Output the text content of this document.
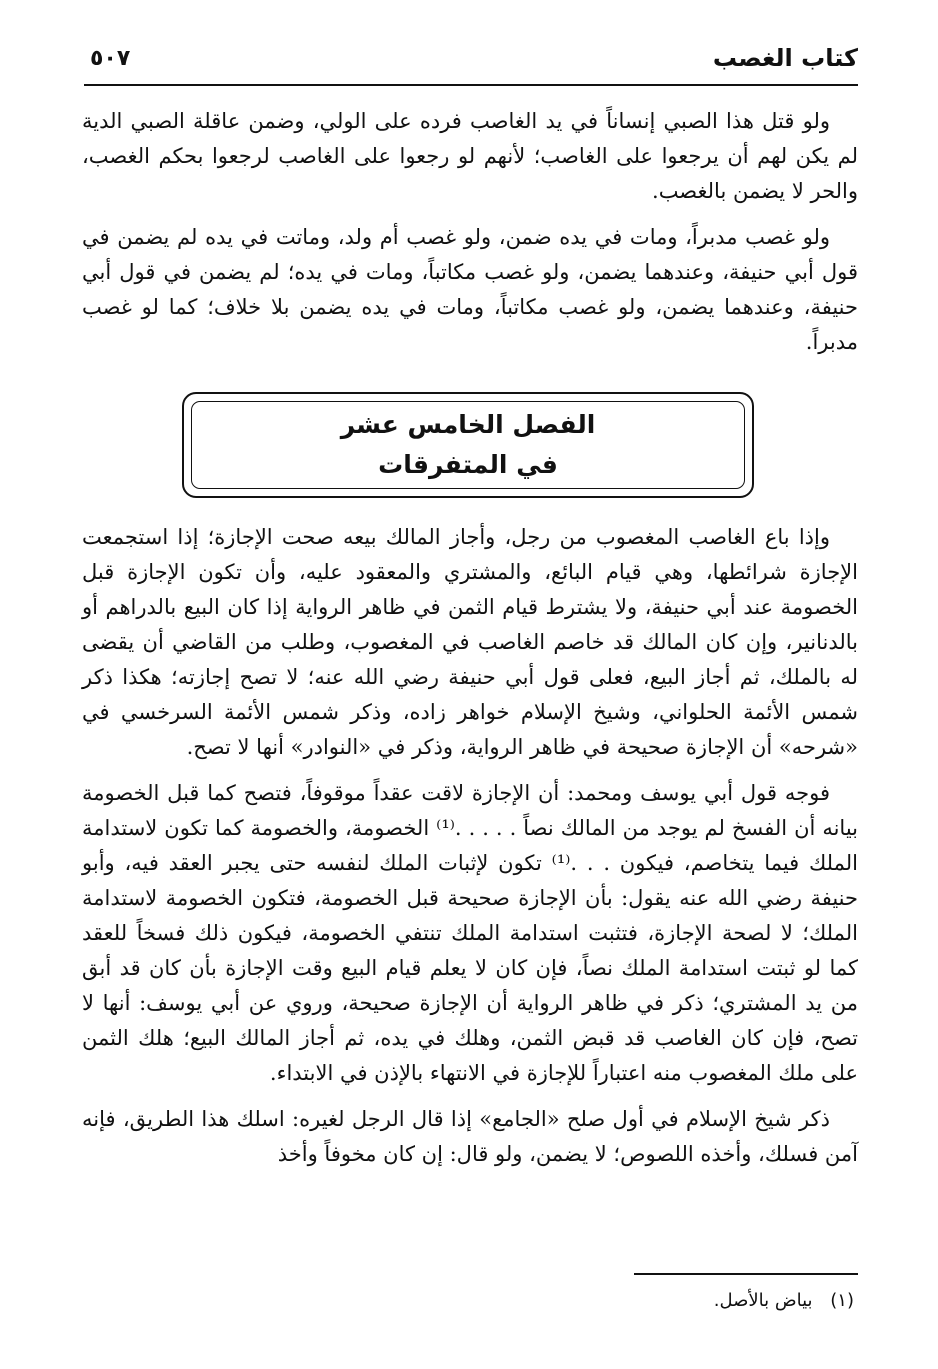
كتاب الغصب
٥٠٧

ولو قتل هذا الصبي إنساناً في يد الغاصب فرده على الولي، وضمن عاقلة الصبي الدية لم يكن لهم أن يرجعوا على الغاصب؛ لأنهم لو رجعوا على الغاصب لرجعوا بحكم الغصب، والحر لا يضمن بالغصب.

ولو غصب مدبراً، ومات في يده ضمن، ولو غصب أم ولد، وماتت في يده لم يضمن في قول أبي حنيفة، وعندهما يضمن، ولو غصب مكاتباً، ومات في يده؛ لم يضمن في قول أبي حنيفة، وعندهما يضمن، ولو غصب مكاتباً، ومات في يده يضمن بلا خلاف؛ كما لو غصب مدبراً.

الفصل الخامس عشر
في المتفرقات

وإذا باع الغاصب المغصوب من رجل، وأجاز المالك بيعه صحت الإجازة؛ إذا استجمعت الإجازة شرائطها، وهي قيام البائع، والمشتري والمعقود عليه، وأن تكون الإجازة قبل الخصومة عند أبي حنيفة، ولا يشترط قيام الثمن في ظاهر الرواية إذا كان البيع بالدراهم أو بالدنانير، وإن كان المالك قد خاصم الغاصب في المغصوب، وطلب من القاضي أن يقضى له بالملك، ثم أجاز البيع، فعلى قول أبي حنيفة رضي الله عنه؛ لا تصح إجازته؛ هكذا ذكر شمس الأئمة الحلواني، وشيخ الإسلام خواهر زاده، وذكر شمس الأئمة السرخسي في «شرحه» أن الإجازة صحيحة في ظاهر الرواية، وذكر في «النوادر» أنها لا تصح.

فوجه قول أبي يوسف ومحمد: أن الإجازة لاقت عقداً موقوفاً، فتصح كما قبل الخصومة بيانه أن الفسخ لم يوجد من المالك نصاً . . . . .⁽¹⁾ الخصومة، والخصومة كما تكون لاستدامة الملك فيما يتخاصم، فيكون . . .⁽¹⁾ تكون لإثبات الملك لنفسه حتى يجبر العقد فيه، وأبو حنيفة رضي الله عنه يقول: بأن الإجازة صحيحة قبل الخصومة، فتكون الخصومة لاستدامة الملك؛ لا لصحة الإجازة، فتثبت استدامة الملك تنتفي الخصومة، فيكون ذلك فسخاً للعقد كما لو ثبتت استدامة الملك نصاً، فإن كان لا يعلم قيام البيع وقت الإجازة بأن كان قد أبق من يد المشتري؛ ذكر في ظاهر الرواية أن الإجازة صحيحة، وروي عن أبي يوسف: أنها لا تصح، فإن كان الغاصب قد قبض الثمن، وهلك في يده، ثم أجاز المالك البيع؛ هلك الثمن على ملك المغصوب منه اعتباراً للإجازة في الانتهاء بالإذن في الابتداء.

ذكر شيخ الإسلام في أول صلح «الجامع» إذا قال الرجل لغيره: اسلك هذا الطريق، فإنه آمن فسلك، وأخذه اللصوص؛ لا يضمن، ولو قال: إن كان مخوفاً وأخذ

(١) بياض بالأصل.
